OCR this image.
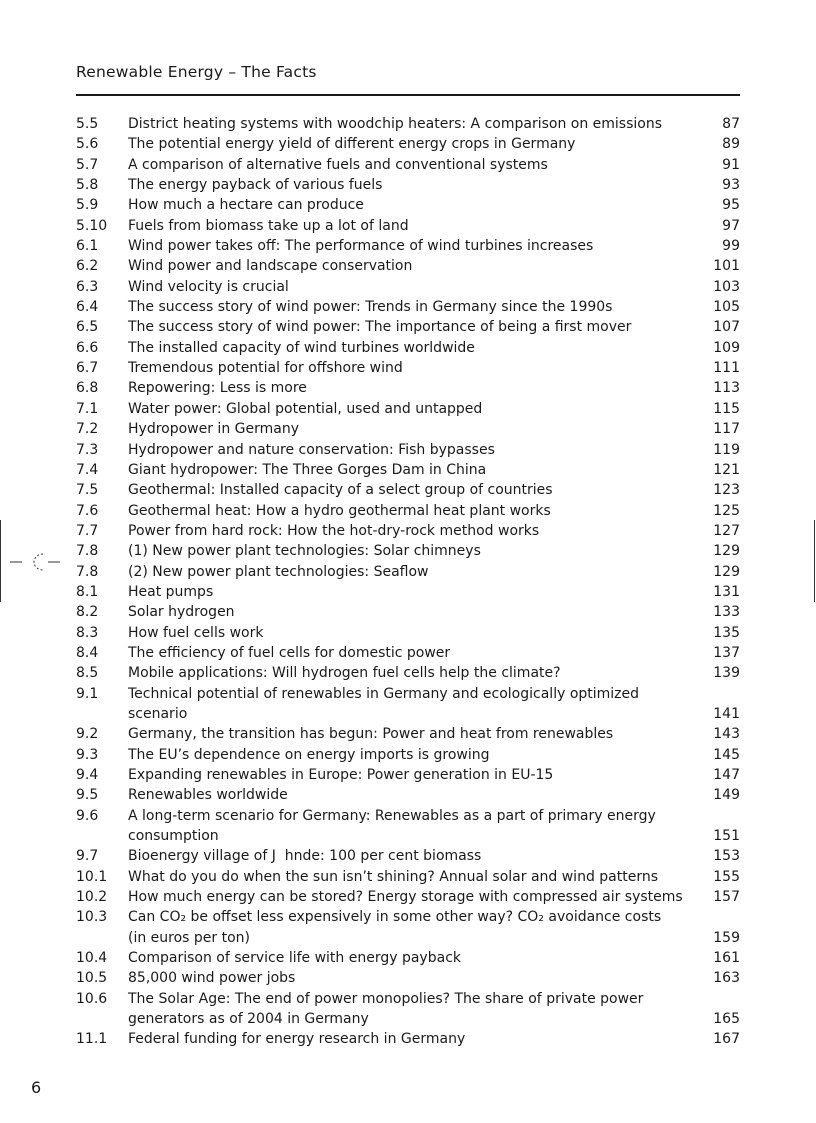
Renewable Energy – The Facts
5.5	District heating systems with woodchip heaters: A comparison on emissions	87
5.6	The potential energy yield of different energy crops in Germany	89
5.7	A comparison of alternative fuels and conventional systems	91
5.8	The energy payback of various fuels	93
5.9	How much a hectare can produce	95
5.10	Fuels from biomass take up a lot of land	97
6.1	Wind power takes off: The performance of wind turbines increases	99
6.2	Wind power and landscape conservation	101
6.3	Wind velocity is crucial	103
6.4	The success story of wind power: Trends in Germany since the 1990s	105
6.5	The success story of wind power: The importance of being a first mover	107
6.6	The installed capacity of wind turbines worldwide	109
6.7	Tremendous potential for offshore wind	111
6.8	Repowering: Less is more	113
7.1	Water power: Global potential, used and untapped	115
7.2	Hydropower in Germany	117
7.3	Hydropower and nature conservation: Fish bypasses	119
7.4	Giant hydropower: The Three Gorges Dam in China	121
7.5	Geothermal: Installed capacity of a select group of countries	123
7.6	Geothermal heat: How a hydro geothermal heat plant works	125
7.7	Power from hard rock: How the hot-dry-rock method works	127
7.8	(1) New power plant technologies: Solar chimneys	129
7.8	(2) New power plant technologies: Seaflow	129
8.1	Heat pumps	131
8.2	Solar hydrogen	133
8.3	How fuel cells work	135
8.4	The efficiency of fuel cells for domestic power	137
8.5	Mobile applications: Will hydrogen fuel cells help the climate?	139
9.1	Technical potential of renewables in Germany and ecologically optimized
scenario	141
9.2	Germany, the transition has begun: Power and heat from renewables	143
9.3	The EU’s dependence on energy imports is growing	145
9.4	Expanding renewables in Europe: Power generation in EU-15	147
9.5	Renewables worldwide	149
9.6	A long-term scenario for Germany: Renewables as a part of primary energy
consumption	151
9.7	Bioenergy village of J  hnde: 100 per cent biomass	153
10.1	What do you do when the sun isn’t shining? Annual solar and wind patterns	155
10.2	How much energy can be stored? Energy storage with compressed air systems	157
10.3	Can CO₂ be offset less expensively in some other way? CO₂ avoidance costs
(in euros per ton)	159
10.4	Comparison of service life with energy payback	161
10.5	85,000 wind power jobs	163
10.6	The Solar Age: The end of power monopolies? The share of private power
generators as of 2004 in Germany	165
11.1	Federal funding for energy research in Germany	167
6
